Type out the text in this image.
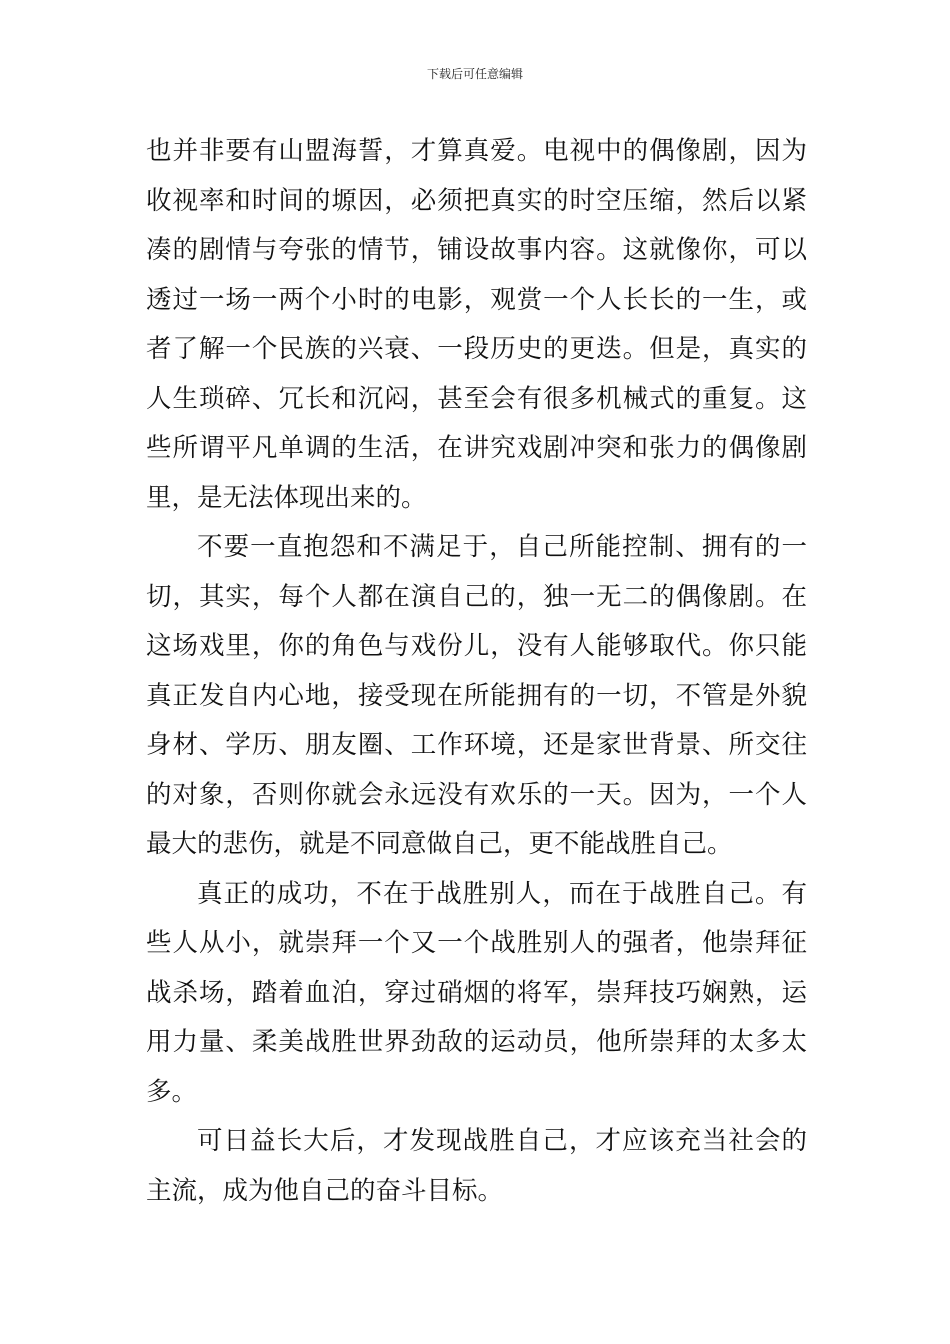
下载后可任意编辑
也并非要有山盟海誓，才算真爱。电视中的偶像剧，因为
收视率和时间的塬因，必须把真实的时空压缩，然后以紧
凑的剧情与夸张的情节，铺设故事内容。这就像你，可以
透过一场一两个小时的电影，观赏一个人长长的一生，或
者了解一个民族的兴衰、一段历史的更迭。但是，真实的
人生琐碎、冗长和沉闷，甚至会有很多机械式的重复。这
些所谓平凡单调的生活，在讲究戏剧冲突和张力的偶像剧
里，是无法体现出来的。
不要一直抱怨和不满足于，自己所能控制、拥有的一
切，其实，每个人都在演自己的，独一无二的偶像剧。在
这场戏里，你的角色与戏份儿，没有人能够取代。你只能
真正发自内心地，接受现在所能拥有的一切，不管是外貌
身材、学历、朋友圈、工作环境，还是家世背景、所交往
的对象，否则你就会永远没有欢乐的一天。因为，一个人
最大的悲伤，就是不同意做自己，更不能战胜自己。
真正的成功，不在于战胜别人，而在于战胜自己。有
些人从小，就崇拜一个又一个战胜别人的强者，他崇拜征
战杀场，踏着血泊，穿过硝烟的将军，崇拜技巧娴熟，运
用力量、柔美战胜世界劲敌的运动员，他所崇拜的太多太
多。
可日益长大后，才发现战胜自己，才应该充当社会的
主流，成为他自己的奋斗目标。
